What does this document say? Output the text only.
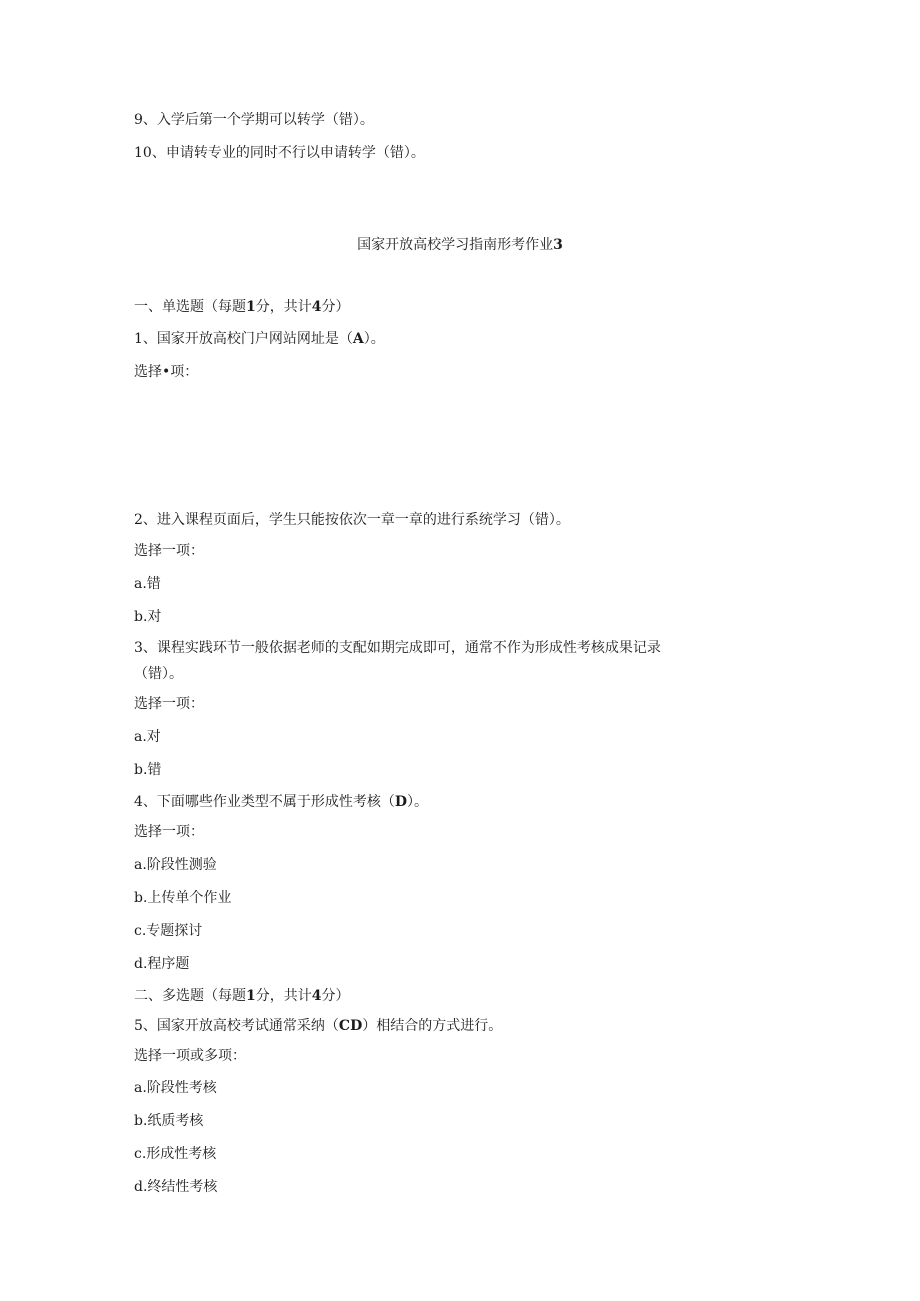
9、入学后第一个学期可以转学（错）。
10、申请转专业的同时不行以申请转学（错）。
国家开放高校学习指南形考作业3
一、单选题（每题1分，共计4分）
1、国家开放高校门户网站网址是（A）。
选择•项：
2、进入课程页面后，学生只能按依次一章一章的进行系统学习（错）。
选择一项：
a.错
b.对
3、课程实践环节一般依据老师的支配如期完成即可，通常不作为形成性考核成果记录
（错）。
选择一项：
a.对
b.错
4、下面哪些作业类型不属于形成性考核（D）。
选择一项：
a.阶段性测验
b.上传单个作业
c.专题探讨
d.程序题
二、多选题（每题1分，共计4分）
5、国家开放高校考试通常采纳（CD）相结合的方式进行。
选择一项或多项：
a.阶段性考核
b.纸质考核
c.形成性考核
d.终结性考核
